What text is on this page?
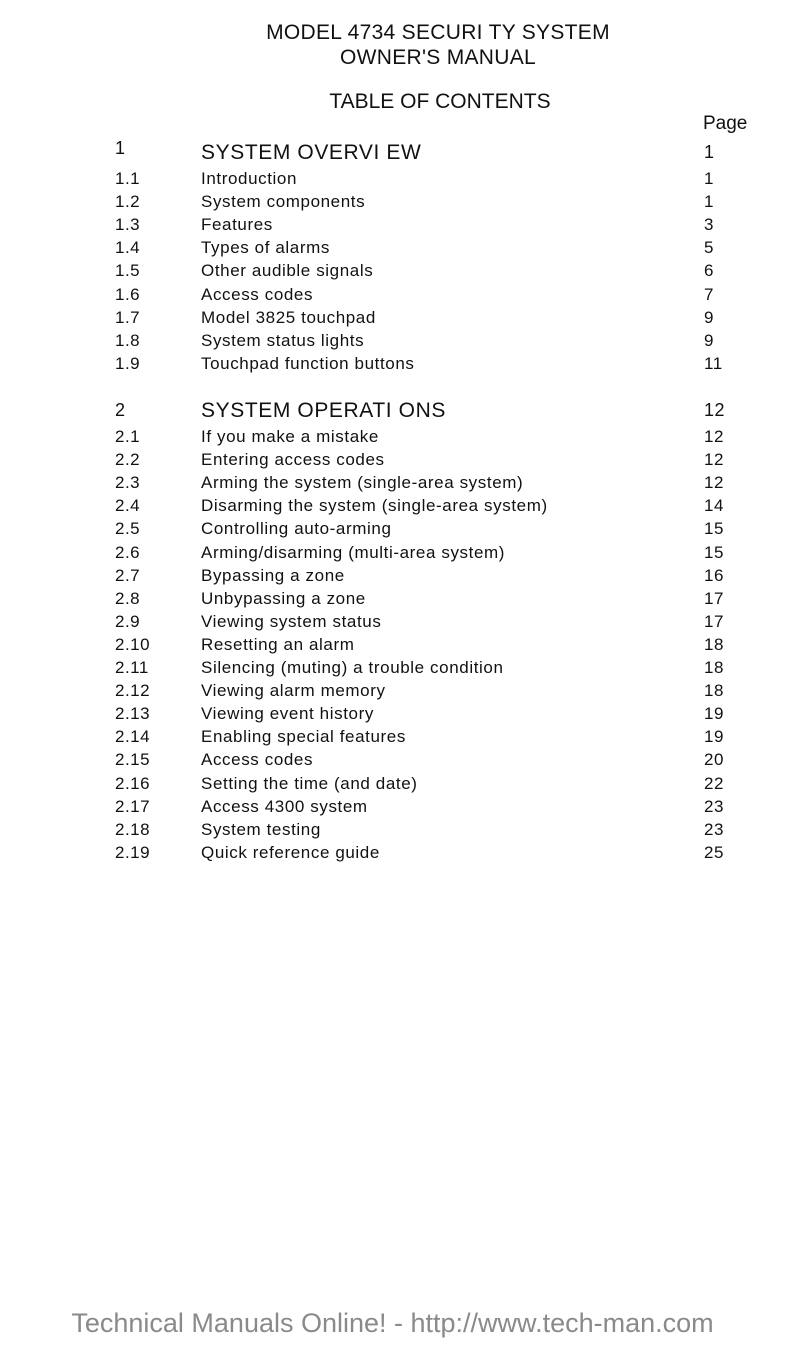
MODEL 4734 SECURI TY SYSTEM
OWNER'S MANUAL
TABLE OF CONTENTS
Page
1	SYSTEM OVERVI EW	1
1.1	Introduction	1
1.2	System components	1
1.3	Features	3
1.4	Types of alarms	5
1.5	Other audible signals	6
1.6	Access codes	7
1.7	Model 3825 touchpad	9
1.8	System status lights	9
1.9	Touchpad function buttons	11
2	SYSTEM OPERATI ONS	12
2.1	If you make a mistake	12
2.2	Entering access codes	12
2.3	Arming the system (single-area system)	12
2.4	Disarming the system (single-area system)	14
2.5	Controlling auto-arming	15
2.6	Arming/disarming (multi-area system)	15
2.7	Bypassing a zone	16
2.8	Unbypassing a zone	17
2.9	Viewing system status	17
2.10	Resetting an alarm	18
2.11	Silencing (muting) a trouble condition	18
2.12	Viewing alarm memory	18
2.13	Viewing event history	19
2.14	Enabling special features	19
2.15	Access codes	20
2.16	Setting the time (and date)	22
2.17	Access 4300 system	23
2.18	System testing	23
2.19	Quick reference guide	25
Technical Manuals Online! - http://www.tech-man.com
